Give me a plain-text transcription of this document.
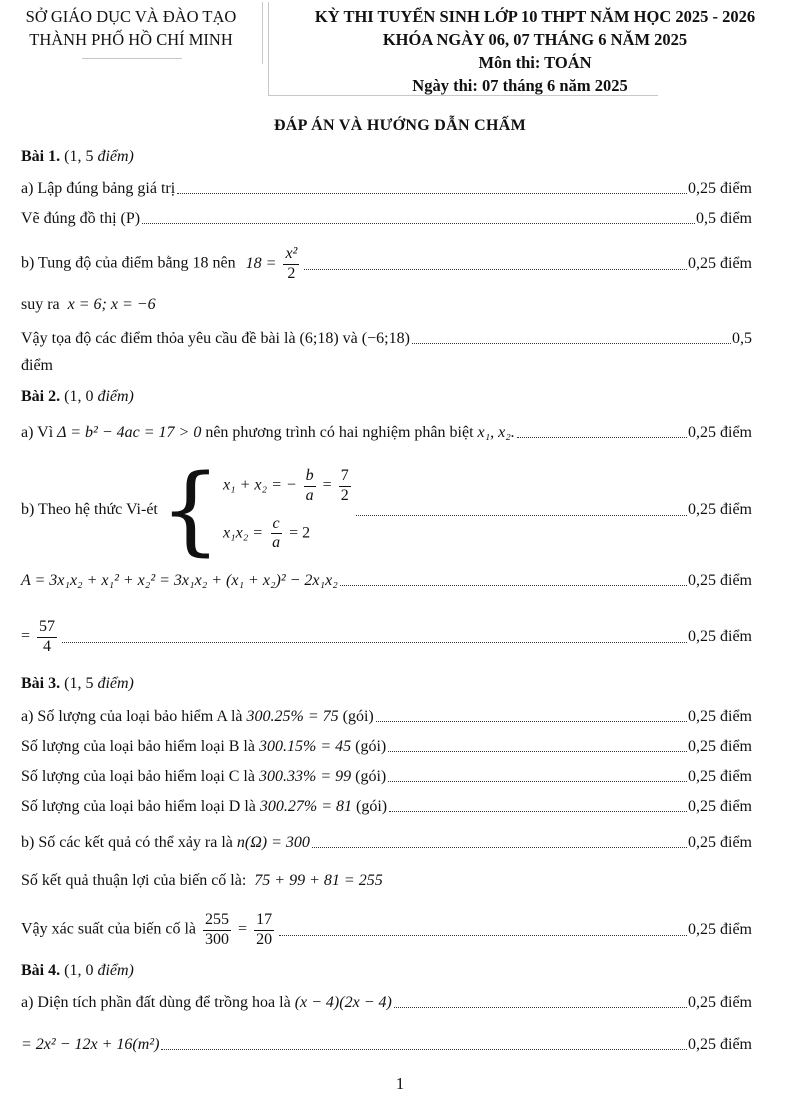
SỞ GIÁO DỤC VÀ ĐÀO TẠO
THÀNH PHỐ HỒ CHÍ MINH
KỲ THI TUYỂN SINH LỚP 10 THPT NĂM HỌC 2025 - 2026
KHÓA NGÀY 06, 07 THÁNG 6 NĂM 2025
Môn thi: TOÁN
Ngày thi: 07 tháng 6 năm 2025
ĐÁP ÁN VÀ HƯỚNG DẪN CHẤM
Bài 1. (1, 5 điểm)
a) Lập đúng bảng giá trị	0,25 điểm
Vẽ đúng đồ thị (P)	0,5 điểm
b) Tung độ của điểm bằng 18 nên $18 = \frac{\text{x²}}{2}$	0,25 điểm
suy ra x = 6; x = −6
Vậy tọa độ các điểm thỏa yêu cầu đề bài là (6;18) và (−6;18)	0,5
điểm
Bài 2. (1, 0 điểm)
a) Vì Δ = b² − 4ac = 17 > 0 nên phương trình có hai nghiệm phân biệt x₁, x₂.	0,25 điểm
b) Theo hệ thức Vi-ét { x₁ + x₂ = − $\frac{b}{a} = \frac{7}{2}$
$x_1x_2 = \frac{c}{a} = 2$
0,25 điểm
A = 3x₁x₂ + x₁² + x₂² = 3x₁x₂ + (x₁ + x₂)² − 2x₁x₂	0,25 điểm
= $\frac{57}{4}$	0,25 điểm
Bài 3. (1, 5 điểm)
a) Số lượng của loại bảo hiểm A là 300.25% = 75 (gói)	0,25 điểm
Số lượng của loại bảo hiểm loại B là 300.15% = 45 (gói)	0,25 điểm
Số lượng của loại bảo hiểm loại C là 300.33% = 99 (gói)	0,25 điểm
Số lượng của loại bảo hiểm loại D là 300.27% = 81 (gói)	0,25 điểm
b) Số các kết quả có thể xảy ra là n(Ω) = 300	0,25 điểm
Số kết quả thuận lợi của biến cố là: 75 + 99 + 81 = 255
Vậy xác suất của biến cố là $\frac{255}{300} = \frac{17}{20}$	0,25 điểm
Bài 4. (1, 0 điểm)
a) Diện tích phần đất dùng để trồng hoa là (x − 4)(2x − 4)	0,25 điểm
= 2x² − 12x + 16(m²)	0,25 điểm
1
